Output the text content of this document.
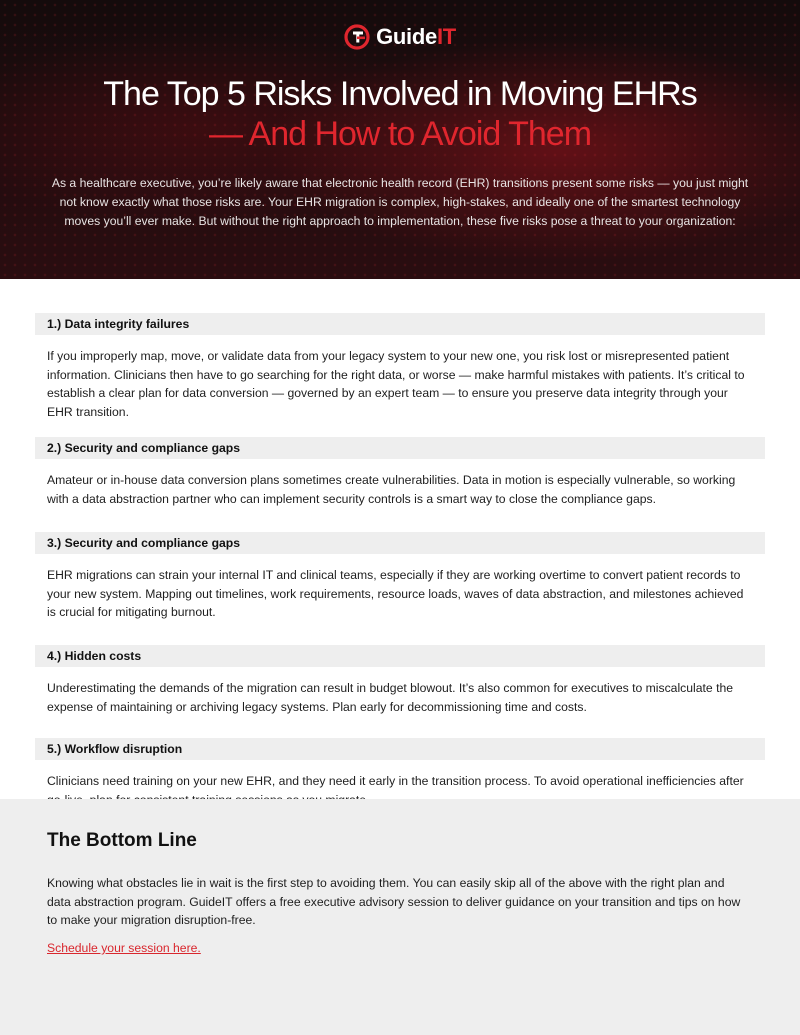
GuideIT
The Top 5 Risks Involved in Moving EHRs
— And How to Avoid Them

As a healthcare executive, you’re likely aware that electronic health record (EHR) transitions present some risks — you just might not know exactly what those risks are. Your EHR migration is complex, high-stakes, and ideally one of the smartest technology moves you’ll ever make. But without the right approach to implementation, these five risks pose a threat to your organization:

1.) Data integrity failures
If you improperly map, move, or validate data from your legacy system to your new one, you risk lost or misrepresented patient information. Clinicians then have to go searching for the right data, or worse — make harmful mistakes with patients. It’s critical to establish a clear plan for data conversion — governed by an expert team — to ensure you preserve data integrity through your EHR transition.
2.) Security and compliance gaps
Amateur or in-house data conversion plans sometimes create vulnerabilities. Data in motion is especially vulnerable, so working with a data abstraction partner who can implement security controls is a smart way to close the compliance gaps.
3.) Security and compliance gaps
EHR migrations can strain your internal IT and clinical teams, especially if they are working overtime to convert patient records to your new system. Mapping out timelines, work requirements, resource loads, waves of data abstraction, and milestones achieved is crucial for mitigating burnout.
4.) Hidden costs
Underestimating the demands of the migration can result in budget blowout. It’s also common for executives to miscalculate the expense of maintaining or archiving legacy systems. Plan early for decommissioning time and costs.
5.) Workflow disruption
Clinicians need training on your new EHR, and they need it early in the transition process. To avoid operational inefficiencies after
The Bottom Line

Knowing what obstacles lie in wait is the first step to avoiding them. You can easily skip all of the above with the right plan and data abstraction program. GuideIT offers a free executive advisory session to deliver guidance on your transition and tips on how to make your migration disruption-free.

Schedule your session here.
